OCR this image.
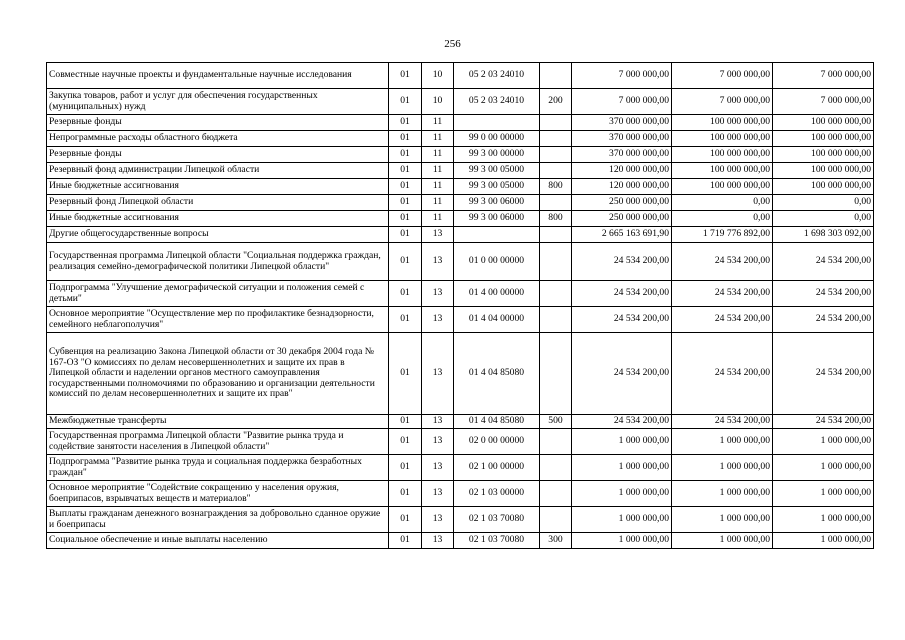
256
Совместные научные проекты и фундаментальные научные исследования	01	10	05 2 03 24010		7 000 000,00	7 000 000,00	7 000 000,00
Закупка товаров, работ и услуг для обеспечения государственных (муниципальных) нужд	01	10	05 2 03 24010	200	7 000 000,00	7 000 000,00	7 000 000,00
Резервные фонды	01	11			370 000 000,00	100 000 000,00	100 000 000,00
Непрограммные расходы областного бюджета	01	11	99 0 00 00000		370 000 000,00	100 000 000,00	100 000 000,00
Резервные фонды	01	11	99 3 00 00000		370 000 000,00	100 000 000,00	100 000 000,00
Резервный фонд администрации Липецкой области	01	11	99 3 00 05000		120 000 000,00	100 000 000,00	100 000 000,00
Иные бюджетные ассигнования	01	11	99 3 00 05000	800	120 000 000,00	100 000 000,00	100 000 000,00
Резервный фонд Липецкой области	01	11	99 3 00 06000		250 000 000,00	0,00	0,00
Иные бюджетные ассигнования	01	11	99 3 00 06000	800	250 000 000,00	0,00	0,00
Другие общегосударственные вопросы	01	13			2 665 163 691,90	1 719 776 892,00	1 698 303 092,00
Государственная программа Липецкой области "Социальная поддержка граждан, реализация семейно-демографической политики Липецкой области"	01	13	01 0 00 00000		24 534 200,00	24 534 200,00	24 534 200,00
Подпрограмма "Улучшение демографической ситуации и положения семей с детьми"	01	13	01 4 00 00000		24 534 200,00	24 534 200,00	24 534 200,00
Основное мероприятие "Осуществление мер по профилактике безнадзорности, семейного неблагополучия"	01	13	01 4 04 00000		24 534 200,00	24 534 200,00	24 534 200,00
Субвенция на реализацию Закона Липецкой области от 30 декабря 2004 года № 167-ОЗ "О комиссиях по делам несовершеннолетних и защите их прав в Липецкой области и наделении органов местного самоуправления государственными полномочиями по образованию и организации деятельности комиссий по делам несовершеннолетних и защите их прав"	01	13	01 4 04 85080		24 534 200,00	24 534 200,00	24 534 200,00
Межбюджетные трансферты	01	13	01 4 04 85080	500	24 534 200,00	24 534 200,00	24 534 200,00
Государственная программа Липецкой области "Развитие рынка труда и содействие занятости населения в Липецкой области"	01	13	02 0 00 00000		1 000 000,00	1 000 000,00	1 000 000,00
Подпрограмма "Развитие рынка труда и социальная поддержка безработных граждан"	01	13	02 1 00 00000		1 000 000,00	1 000 000,00	1 000 000,00
Основное мероприятие "Содействие сокращению у населения оружия, боеприпасов, взрывчатых веществ и материалов"	01	13	02 1 03 00000		1 000 000,00	1 000 000,00	1 000 000,00
Выплаты гражданам денежного вознаграждения за добровольно сданное оружие и боеприпасы	01	13	02 1 03 70080		1 000 000,00	1 000 000,00	1 000 000,00
Социальное обеспечение и иные выплаты населению	01	13	02 1 03 70080	300	1 000 000,00	1 000 000,00	1 000 000,00
